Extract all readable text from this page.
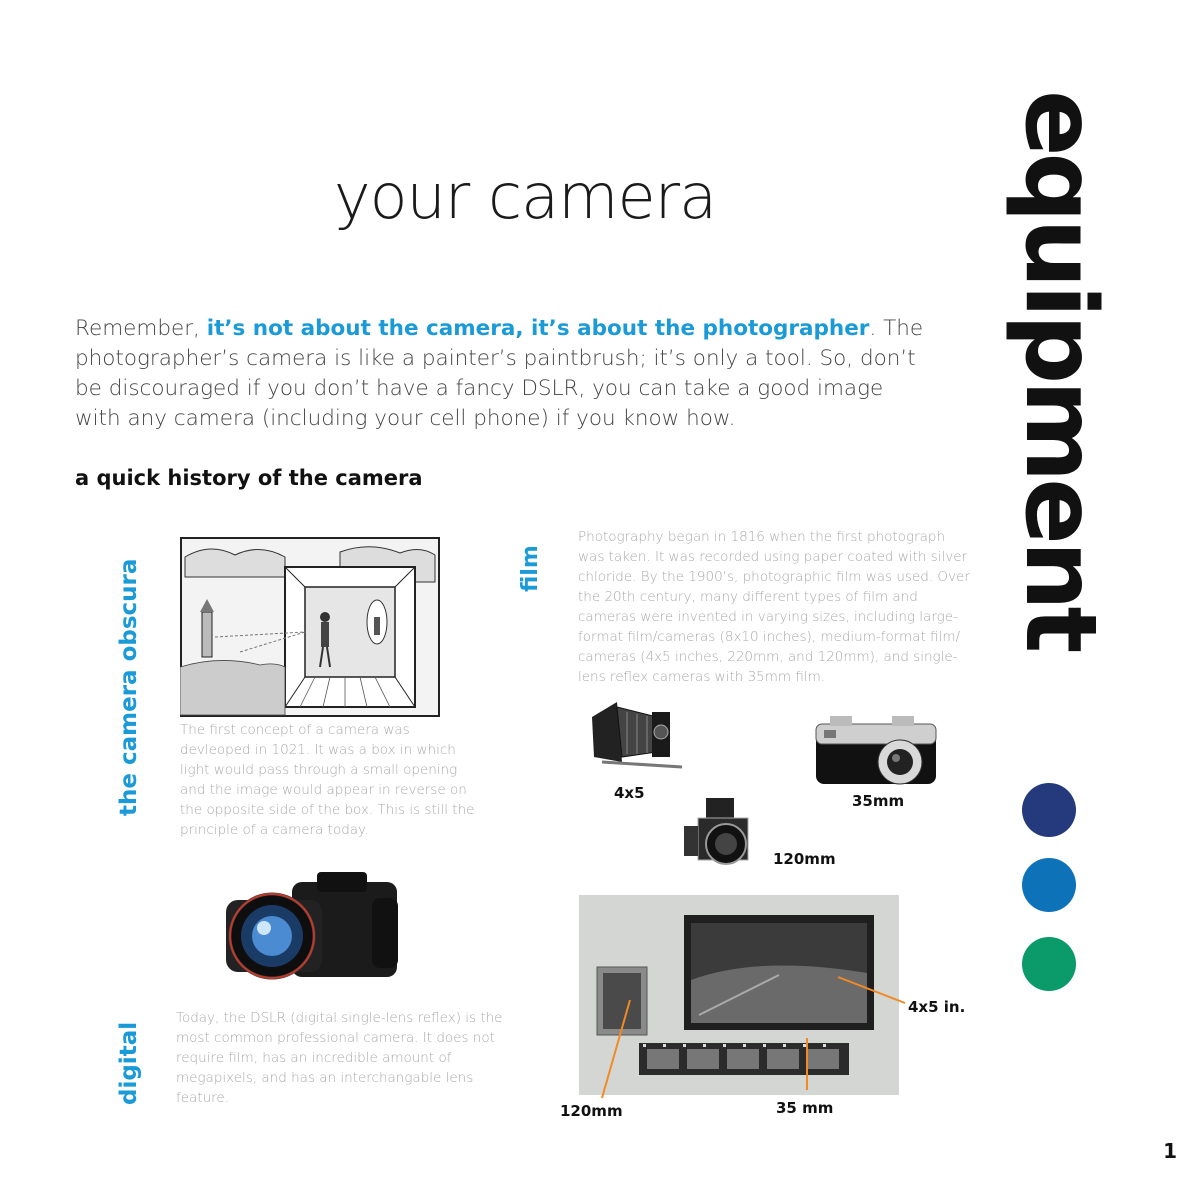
your camera
Remember, it’s not about the camera, it’s about the photographer. The photographer’s camera is like a painter’s paintbrush; it’s only a tool. So, don’t be discouraged if you don’t have a fancy DSLR, you can take a good image with any camera (including your cell phone) if you know how.
a quick history of the camera
the camera obscura	The first concept of a camera was devleoped in 1021. It was a box in which light would pass through a small opening and the image would appear in reverse on the opposite side of the box. This is still the principle of a camera today.
film
Photography began in 1816 when the first photograph was taken. It was recorded using paper coated with silver chloride. By the 1900’s, photographic film was used. Over the 20th century, many different types of film and cameras were invented in varying sizes, including large-format film/cameras (8x10 inches), medium-format film/ cameras (4x5 inches, 220mm, and 120mm), and single-lens reflex cameras with 35mm film.
4x5	35mm
120mm
4x5 in.
120mm	35 mm
digital
Today, the DSLR (digital single-lens reflex) is the most common professional camera. It does not require film, has an incredible amount of megapixels, and has an interchangable lens feature.
equipment
1
